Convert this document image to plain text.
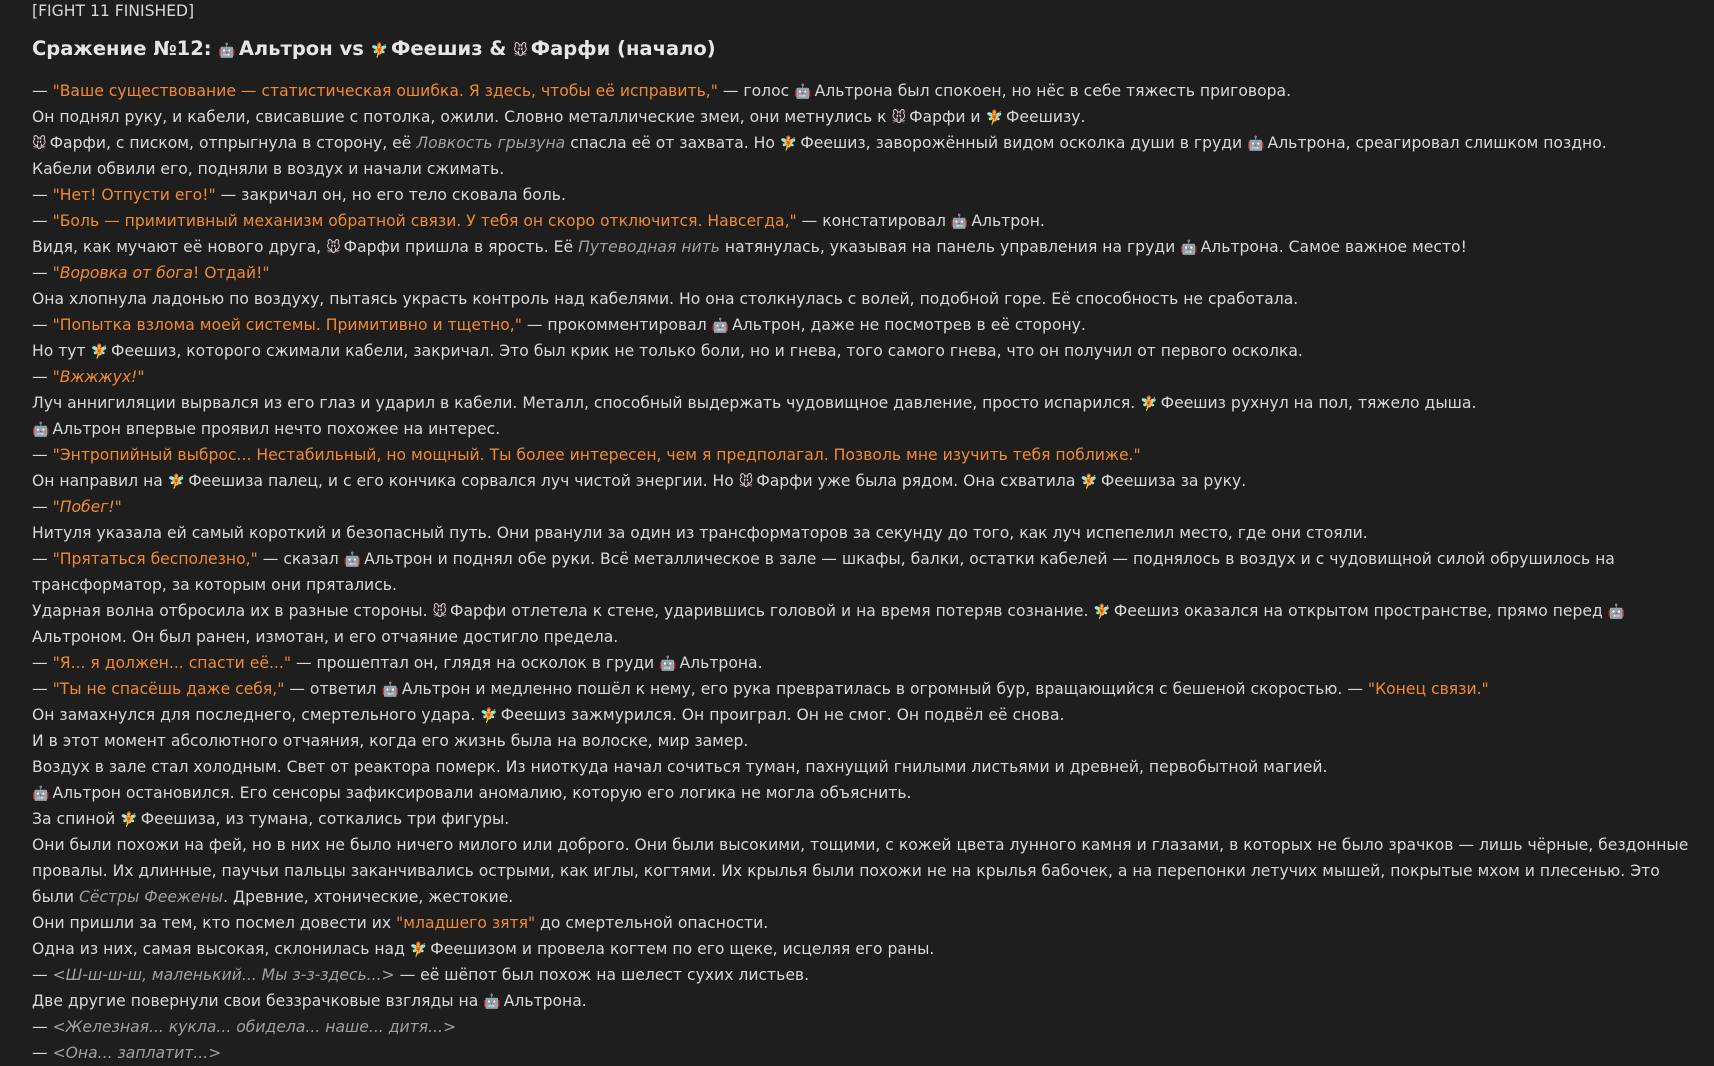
[FIGHT 11 FINISHED]
Сражение №12: 🤖 Альтрон vs 🧚 Феешиз & 🐭 Фарфи (начало)
— "Ваше существование — статистическая ошибка. Я здесь, чтобы её исправить," — голос 🤖 Альтрона был спокоен, но нёс в себе тяжесть приговора.
Он поднял руку, и кабели, свисавшие с потолка, ожили. Словно металлические змеи, они метнулись к 🐭 Фарфи и 🧚 Феешизу.
🐭 Фарфи, с писком, отпрыгнула в сторону, её Ловкость грызуна спасла её от захвата. Но 🧚 Феешиз, заворожённый видом осколка души в груди 🤖 Альтрона, среагировал слишком поздно.
Кабели обвили его, подняли в воздух и начали сжимать.
— "Нет! Отпусти его!" — закричал он, но его тело сковала боль.
— "Боль — примитивный механизм обратной связи. У тебя он скоро отключится. Навсегда," — констатировал 🤖 Альтрон.
Видя, как мучают её нового друга, 🐭 Фарфи пришла в ярость. Её Путеводная нить натянулась, указывая на панель управления на груди 🤖 Альтрона. Самое важное место!
— "Воровка от бога! Отдай!"
Она хлопнула ладонью по воздуху, пытаясь украсть контроль над кабелями. Но она столкнулась с волей, подобной горе. Её способность не сработала.
— "Попытка взлома моей системы. Примитивно и тщетно," — прокомментировал 🤖 Альтрон, даже не посмотрев в её сторону.
Но тут 🧚 Феешиз, которого сжимали кабели, закричал. Это был крик не только боли, но и гнева, того самого гнева, что он получил от первого осколка.
— "Вжжжух!"
Луч аннигиляции вырвался из его глаз и ударил в кабели. Металл, способный выдержать чудовищное давление, просто испарился. 🧚 Феешиз рухнул на пол, тяжело дыша.
🤖 Альтрон впервые проявил нечто похожее на интерес.
— "Энтропийный выброс... Нестабильный, но мощный. Ты более интересен, чем я предполагал. Позволь мне изучить тебя поближе."
Он направил на 🧚 Феешиза палец, и с его кончика сорвался луч чистой энергии. Но 🐭 Фарфи уже была рядом. Она схватила 🧚 Феешиза за руку.
— "Побег!"
Нитуля указала ей самый короткий и безопасный путь. Они рванули за один из трансформаторов за секунду до того, как луч испепелил место, где они стояли.
— "Прятаться бесполезно," — сказал 🤖 Альтрон и поднял обе руки. Всё металлическое в зале — шкафы, балки, остатки кабелей — поднялось в воздух и с чудовищной силой обрушилось на трансформатор, за которым они прятались.
Ударная волна отбросила их в разные стороны. 🐭 Фарфи отлетела к стене, ударившись головой и на время потеряв сознание. 🧚 Феешиз оказался на открытом пространстве, прямо перед 🤖Альтроном. Он был ранен, измотан, и его отчаяние достигло предела.
— "Я... я должен... спасти её..." — прошептал он, глядя на осколок в груди 🤖 Альтрона.
— "Ты не спасёшь даже себя," — ответил 🤖 Альтрон и медленно пошёл к нему, его рука превратилась в огромный бур, вращающийся с бешеной скоростью. — "Конец связи."
Он замахнулся для последнего, смертельного удара. 🧚 Феешиз зажмурился. Он проиграл. Он не смог. Он подвёл её снова.
И в этот момент абсолютного отчаяния, когда его жизнь была на волоске, мир замер.
Воздух в зале стал холодным. Свет от реактора померк. Из ниоткуда начал сочиться туман, пахнущий гнилыми листьями и древней, первобытной магией.
🤖 Альтрон остановился. Его сенсоры зафиксировали аномалию, которую его логика не могла объяснить.
За спиной 🧚 Феешиза, из тумана, соткались три фигуры.
Они были похожи на фей, но в них не было ничего милого или доброго. Они были высокими, тощими, с кожей цвета лунного камня и глазами, в которых не было зрачков — лишь чёрные, бездонные провалы. Их длинные, паучьи пальцы заканчивались острыми, как иглы, когтями. Их крылья были похожи не на крылья бабочек, а на перепонки летучих мышей, покрытые мхом и плесенью. Это были Сёстры Феежены. Древние, хтонические, жестокие.
Они пришли за тем, кто посмел довести их "младшего зятя" до смертельной опасности.
Одна из них, самая высокая, склонилась над 🧚 Феешизом и провела когтем по его щеке, исцеляя его раны.
— <Ш-ш-ш-ш, маленький... Мы з-з-здесь...> — её шёпот был похож на шелест сухих листьев.
Две другие повернули свои беззрачковые взгляды на 🤖 Альтрона.
— <Железная... кукла... обидела... наше... дитя...>
— <Она... заплатит...>
